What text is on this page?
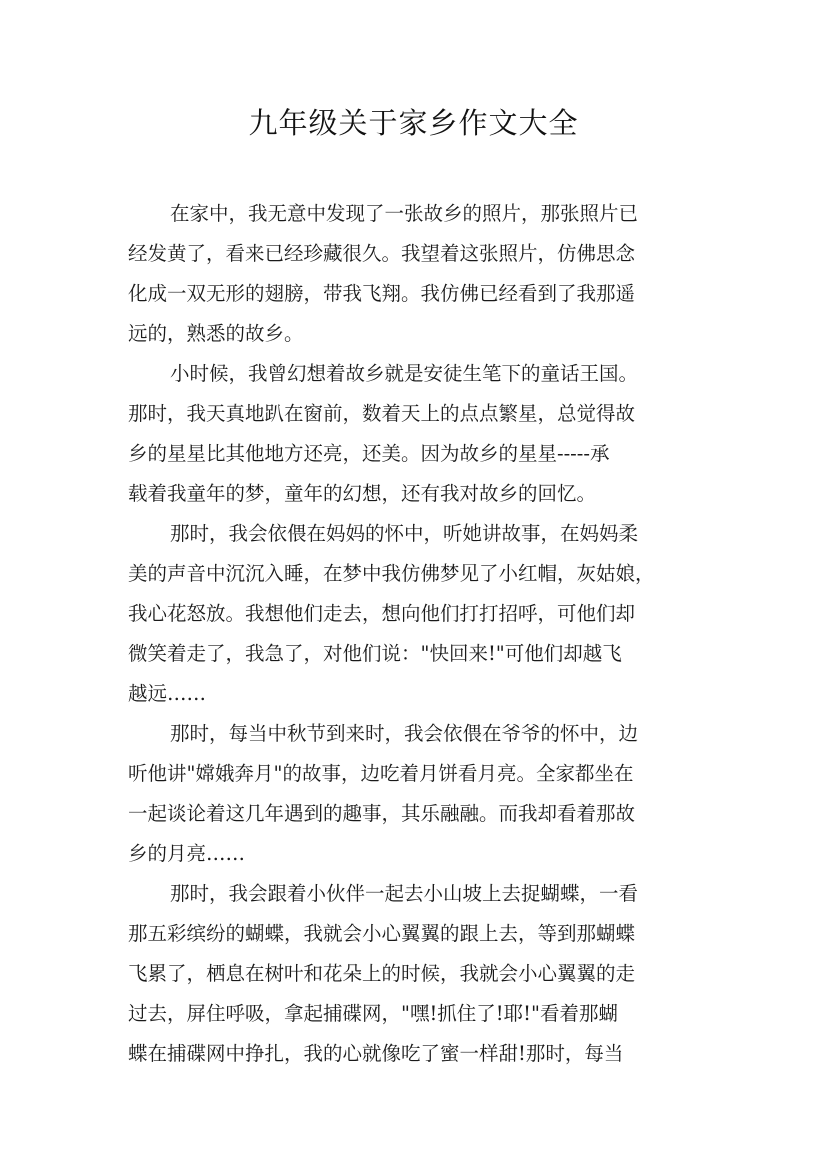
九年级关于家乡作文大全
在家中，我无意中发现了一张故乡的照片，那张照片已
经发黄了，看来已经珍藏很久。我望着这张照片，仿佛思念
化成一双无形的翅膀，带我飞翔。我仿佛已经看到了我那遥
远的，熟悉的故乡。
小时候，我曾幻想着故乡就是安徒生笔下的童话王国。
那时，我天真地趴在窗前，数着天上的点点繁星，总觉得故
乡的星星比其他地方还亮，还美。因为故乡的星星-----承
载着我童年的梦，童年的幻想，还有我对故乡的回忆。
那时，我会依偎在妈妈的怀中，听她讲故事，在妈妈柔
美的声音中沉沉入睡，在梦中我仿佛梦见了小红帽，灰姑娘，
我心花怒放。我想他们走去，想向他们打打招呼，可他们却
微笑着走了，我急了，对他们说："快回来!"可他们却越飞
越远……
那时，每当中秋节到来时，我会依偎在爷爷的怀中，边
听他讲"嫦娥奔月"的故事，边吃着月饼看月亮。全家都坐在
一起谈论着这几年遇到的趣事，其乐融融。而我却看着那故
乡的月亮……
那时，我会跟着小伙伴一起去小山坡上去捉蝴蝶，一看
那五彩缤纷的蝴蝶，我就会小心翼翼的跟上去，等到那蝴蝶
飞累了，栖息在树叶和花朵上的时候，我就会小心翼翼的走
过去，屏住呼吸，拿起捕碟网，"嘿!抓住了!耶!"看着那蝴
蝶在捕碟网中挣扎，我的心就像吃了蜜一样甜!那时，每当
